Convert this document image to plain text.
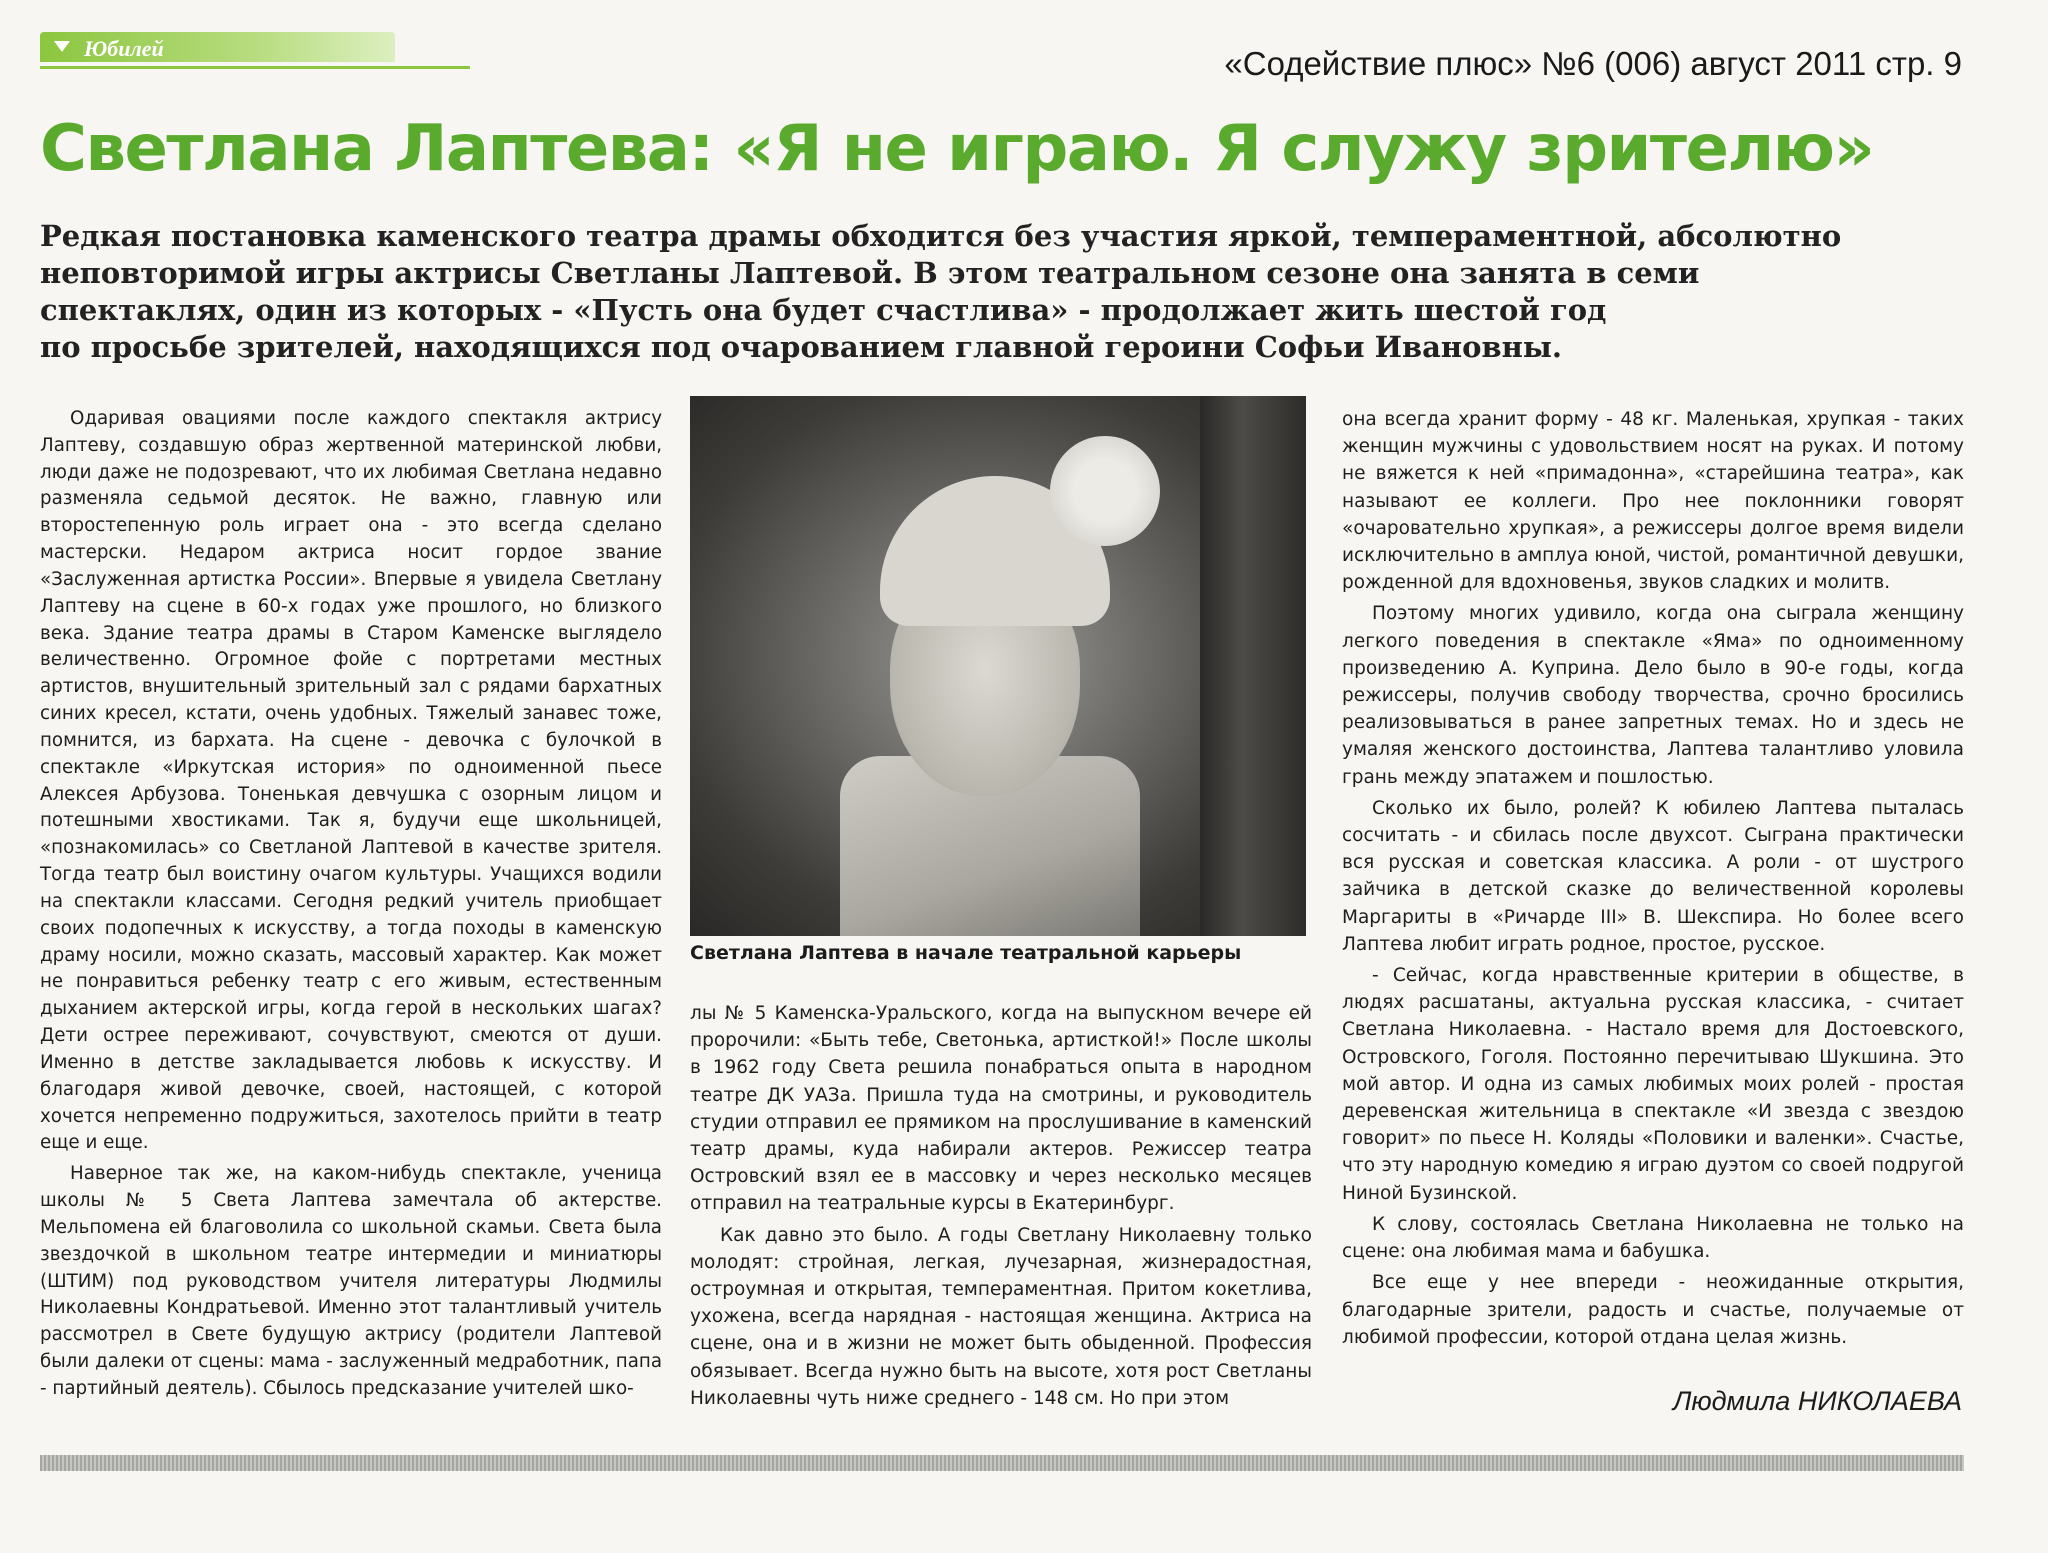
Юбилей	«Содействие плюс» №6 (006) август 2011 стр. 9
Светлана Лаптева: «Я не играю. Я служу зрителю»
Редкая постановка каменского театра драмы обходится без участия яркой, темпераментной, абсолютно
неповторимой игры актрисы Светланы Лаптевой. В этом театральном сезоне она занята в семи
спектаклях, один из которых - «Пусть она будет счастлива» - продолжает жить шестой год
по просьбе зрителей, находящихся под очарованием главной героини Софьи Ивановны.

Одаривая овациями после каждого спектакля актрису Лаптеву, создавшую образ жертвенной материнской любви, люди даже не подозревают, что их любимая Светлана недавно разменяла седьмой десяток. Не важно, главную или второстепенную роль играет она - это всегда сделано мастерски. Недаром актриса носит гордое звание «Заслуженная артистка России». Впервые я увидела Светлану Лаптеву на сцене в 60-х годах уже прошлого, но близкого века. Здание театра драмы в Старом Каменске выглядело величественно. Огромное фойе с портретами местных артистов, внушительный зрительный зал с рядами бархатных синих кресел, кстати, очень удобных. Тяжелый занавес тоже, помнится, из бархата. На сцене - девочка с булочкой в спектакле «Иркутская история» по одноименной пьесе Алексея Арбузова. Тоненькая девчушка с озорным лицом и потешными хвостиками. Так я, будучи еще школьницей, «познакомилась» со Светланой Лаптевой в качестве зрителя. Тогда театр был воистину очагом культуры. Учащихся водили на спектакли классами. Сегодня редкий учитель приобщает своих подопечных к искусству, а тогда походы в каменскую драму носили, можно сказать, массовый характер. Как может не понравиться ребенку театр с его живым, естественным дыханием актерской игры, когда герой в нескольких шагах? Дети острее переживают, сочувствуют, смеются от души. Именно в детстве закладывается любовь к искусству. И благодаря живой девочке, своей, настоящей, с которой хочется непременно подружиться, захотелось прийти в театр еще и еще.

Наверное так же, на каком-нибудь спектакле, ученица школы № 5 Света Лаптева замечтала об актерстве. Мельпомена ей благоволила со школьной скамьи. Света была звездочкой в школьном театре интермедии и миниатюры (ШТИМ) под руководством учителя литературы Людмилы Николаевны Кондратьевой. Именно этот талантливый учитель рассмотрел в Свете будущую актрису (родители Лаптевой были далеки от сцены: мама - заслуженный медработник, папа - партийный деятель). Сбылось предсказание учителей шко-

Светлана Лаптева в начале театральной карьеры

лы № 5 Каменска-Уральского, когда на выпускном вечере ей пророчили: «Быть тебе, Светонька, артисткой!» После школы в 1962 году Света решила понабраться опыта в народном театре ДК УАЗа. Пришла туда на смотрины, и руководитель студии отправил ее прямиком на прослушивание в каменский театр драмы, куда набирали актеров. Режиссер театра Островский взял ее в массовку и через несколько месяцев отправил на театральные курсы в Екатеринбург.

Как давно это было. А годы Светлану Николаевну только молодят: стройная, легкая, лучезарная, жизнерадостная, остроумная и открытая, темпераментная. Притом кокетлива, ухожена, всегда нарядная - настоящая женщина. Актриса на сцене, она и в жизни не может быть обыденной. Профессия обязывает. Всегда нужно быть на высоте, хотя рост Светланы Николаевны чуть ниже среднего - 148 см. Но при этом

она всегда хранит форму - 48 кг. Маленькая, хрупкая - таких женщин мужчины с удовольствием носят на руках. И потому не вяжется к ней «примадонна», «старейшина театра», как называют ее коллеги. Про нее поклонники говорят «очаровательно хрупкая», а режиссеры долгое время видели исключительно в амплуа юной, чистой, романтичной девушки, рожденной для вдохновенья, звуков сладких и молитв.

Поэтому многих удивило, когда она сыграла женщину легкого поведения в спектакле «Яма» по одноименному произведению А. Куприна. Дело было в 90-е годы, когда режиссеры, получив свободу творчества, срочно бросились реализовываться в ранее запретных темах. Но и здесь не умаляя женского достоинства, Лаптева талантливо уловила грань между эпатажем и пошлостью.

Сколько их было, ролей? К юбилею Лаптева пыталась сосчитать - и сбилась после двухсот. Сыграна практически вся русская и советская классика. А роли - от шустрого зайчика в детской сказке до величественной королевы Маргариты в «Ричарде III» В. Шекспира. Но более всего Лаптева любит играть родное, простое, русское.

- Сейчас, когда нравственные критерии в обществе, в людях расшатаны, актуальна русская классика, - считает Светлана Николаевна. - Настало время для Достоевского, Островского, Гоголя. Постоянно перечитываю Шукшина. Это мой автор. И одна из самых любимых моих ролей - простая деревенская жительница в спектакле «И звезда с звездою говорит» по пьесе Н. Коляды «Половики и валенки». Счастье, что эту народную комедию я играю дуэтом со своей подругой Ниной Бузинской.

К слову, состоялась Светлана Николаевна не только на сцене: она любимая мама и бабушка.

Все еще у нее впереди - неожиданные открытия, благодарные зрители, радость и счастье, получаемые от любимой профессии, которой отдана целая жизнь.

Людмила НИКОЛАЕВА
